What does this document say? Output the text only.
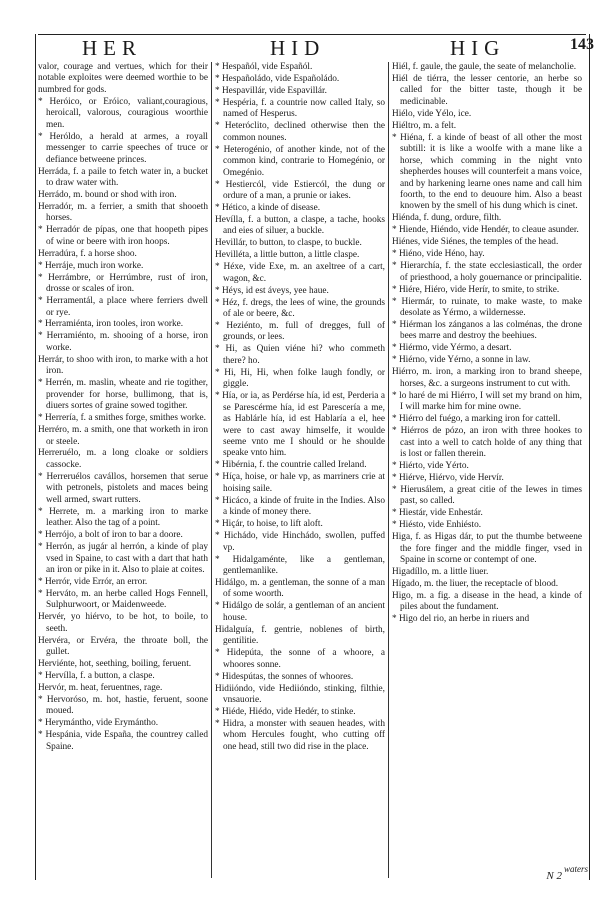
HER	HID	HIG	143

valor, courage and vertues, which for their notable exploites were deemed worthie to be numbred for gods.

* Heróico, or Eróico, valiant,couragious, heroicall, valorous, couragious woorthie men.

* Heróldo, a herald at armes, a royall messenger to carrie speeches of truce or defiance betweene princes.

Herráda, f. a paile to fetch water in, a bucket to draw water with.

Herrádo, m. bound or shod with iron.

Herradór, m. a ferrier, a smith that shooeth horses.

* Herradór de pípas, one that hoopeth pipes of wine or beere with iron hoops.

Herradúra, f. a horse shoo.

* Herráje, much iron worke.

* Herrámbre, or Herrúmbre, rust of iron, drosse or scales of iron.

* Herramentál, a place where ferriers dwell or rye.

* Herramiénta, iron tooles, iron worke.

* Herramiénto, m. shooing of a horse, iron worke.

Herrár, to shoo with iron, to marke with a hot iron.

* Herrén, m. maslin, wheate and rie togither, provender for horse, bullimong, that is, diuers sortes of graine sowed togither.

* Herrería, f. a smithes forge, smithes worke.

Herréro, m. a smith, one that worketh in iron or steele.

Herreruélo, m. a long cloake or soldiers cassocke.

* Herreruélos cavállos, horsemen that serue with petronels, pistolets and maces being well armed, swart rutters.

* Herrete, m. a marking iron to marke leather. Also the tag of a point.

* Herrójo, a bolt of iron to bar a doore.

* Herrón, as jugár al herrón, a kinde of play vsed in Spaine, to cast with a dart that hath an iron or pike in it. Also to plaie at coites.

* Herrór, vide Errór, an error.

* Herváto, m. an herbe called Hogs Fennell, Sulphurwoort, or Maidenweede.

Hervér, yo hiérvo, to be hot, to boile, to seeth.

Hervéra, or Ervéra, the throate boll, the gullet.

Herviénte, hot, seething, boiling, feruent.

* Hervílla, f. a button, a claspe.

Hervór, m. heat, feruentnes, rage.

* Hervoróso, m. hot, hastie, feruent, soone moued.

* Herymántho, vide Erymántho.

* Hespánia, vide España, the countrey called Spaine.

* Hespañól, vide Españól.

* Hespañoládo, vide Españoládo.

* Hespavillár, vide Espavillár.

* Hespéria, f. a countrie now called Italy, so named of Hesperus.

* Heteróclito, declined otherwise then the common nounes.

* Heterogénio, of another kinde, not of the common kind, contrarie to Homegénio, or Omegénio.

* Hestiercól, vide Estiercól, the dung or ordure of a man, a prunie or iakes.

* Hético, a kinde of disease.

Hevílla, f. a button, a claspe, a tache, hooks and eies of siluer, a buckle.

Hevillár, to button, to claspe, to buckle.

Hevilléta, a little button, a little claspe.

* Héxe, vide Exe, m. an axeltree of a cart, wagon, &c.

* Héys, id est áveys, yee haue.

* Héz, f. dregs, the lees of wine, the grounds of ale or beere, &c.

* Heziénto, m. full of dregges, full of grounds, or lees.

* Hi, as Quien viéne hi? who commeth there? ho.

* Hi, Hi, Hi, when folke laugh fondly, or giggle.

* Hía, or ia, as Perdérse hía, id est, Perderia a se Parescérme hía, id est Parescería a me, as Hablárle hía, id est Hablaría a el, hee were to cast away himselfe, it woulde seeme vnto me I should or he shoulde speake vnto him.

* Hibérnia, f. the countrie called Ireland.

* Híça, hoise, or hale vp, as marriners crie at hoising saile.

* Hicáco, a kinde of fruite in the Indies. Also a kinde of money there.

* Hiçár, to hoise, to lift aloft.

* Hichádo, vide Hinchádo, swollen, puffed vp.

* Hidalgaménte, like a gentleman, gentlemanlike.

Hidálgo, m. a gentleman, the sonne of a man of some woorth.

* Hidálgo de solár, a gentleman of an ancient house.

Hidalguía, f. gentrie, noblenes of birth, gentilitie.

* Hidepúta, the sonne of a whoore, a whoores sonne.

* Hidespútas, the sonnes of whoores.

Hidiióndo, vide Hediióndo, stinking, filthie, vnsauorie.

* Hiéde, Hiédo, vide Hedér, to stinke.

* Hidra, a monster with seauen heades, with whom Hercules fought, who cutting off one head, still two did rise in the place.

Hiél, f. gaule, the gaule, the seate of melancholie.

Hiél de tiérra, the lesser centorie, an herbe so called for the bitter taste, though it be medicinable.

Hiélo, vide Yélo, ice.

Hiéltro, m. a felt.

* Hiéna, f. a kinde of beast of all other the most subtill: it is like a woolfe with a mane like a horse, which comming in the night vnto shepherdes houses will counterfeit a mans voice, and by harkening learne ones name and call him foorth, to the end to deuoure him. Also a beast knowen by the smell of his dung which is cinet.

Hiénda, f. dung, ordure, filth.

* Hiende, Hiéndo, vide Hendér, to cleaue asunder.

Hiénes, vide Siénes, the temples of the head.

* Hiéno, vide Héno, hay.

* Hierarchía, f. the state ecclesiasticall, the order of priesthood, a holy gouernance or principalitie.

* Hiére, Hiéro, vide Herír, to smite, to strike.

* Hiermár, to ruinate, to make waste, to make desolate as Yérmo, a wildernesse.

* Hiérman los zánganos a las colménas, the drone bees marre and destroy the beehiues.

* Hiérmo, vide Yérmo, a desart.

* Hiérno, vide Yérno, a sonne in law.

Hiérro, m. iron, a marking iron to brand sheepe, horses, &c. a surgeons instrument to cut with.

* lo haré de mi Hiérro, I will set my brand on him, I will marke him for mine owne.

* Hiérro del fuégo, a marking iron for cattell.

* Hiérros de pózo, an iron with three hookes to cast into a well to catch holde of any thing that is lost or fallen therein.

* Hiérto, vide Yérto.

* Hiérve, Hiérvo, vide Hervír.

* Hierusálem, a great citie of the Iewes in times past, so called.

* Hiestár, vide Enhestár.

* Hiésto, vide Enhiésto.

Higa, f. as Higas dár, to put the thumbe betweene the fore finger and the middle finger, vsed in Spaine in scorne or contempt of one.

Higadíllo, m. a little liuer.

Hígado, m. the liuer, the receptacle of blood.

Higo, m. a fig. a disease in the head, a kinde of piles about the fundament.

* Higo del rio, an herbe in riuers and

N 2
waters
